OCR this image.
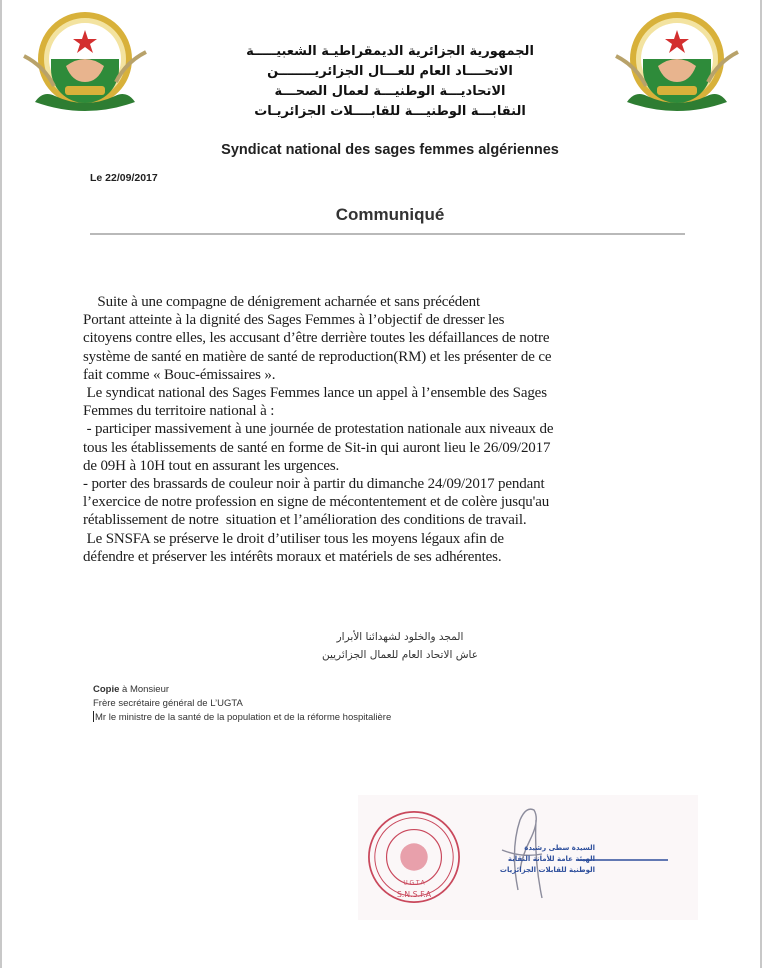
الجمهورية الجزائرية الديمقراطيـة الشعبيـــــة
الاتحــــاد العام للعـــال الجزائريــــــــن
الاتحاديـــة الوطنيـــة لعمال الصحـــة
النقابـــة الوطنيـــة للقابــــلات الجزائريـات
Syndicat national des sages femmes algériennes
Le 22/09/2017
Communiqué

Suite à une compagne de dénigrement acharnée et sans précédent

Portant atteinte à la dignité des Sages Femmes à l’objectif de dresser les

citoyens contre elles, les accusant d’être derrière toutes les défaillances de notre

système de santé en matière de santé de reproduction(RM) et les présenter de ce

fait comme « Bouc-émissaires ».

Le syndicat national des Sages Femmes lance un appel à l’ensemble des Sages

Femmes du territoire national à :

- participer massivement à une journée de protestation nationale aux niveaux de

tous les établissements de santé en forme de Sit-in qui auront lieu le 26/09/2017

de 09H à 10H tout en assurant les urgences.

- porter des brassards de couleur noir à partir du dimanche 24/09/2017 pendant

l’exercice de notre profession en signe de mécontentement et de colère jusqu'au

rétablissement de notre  situation et l’amélioration des conditions de travail.

Le SNSFA se préserve le droit d’utiliser tous les moyens légaux afin de

défendre et préserver les intérêts moraux et matériels de ses adhérentes.

المجد والخلود لشهدائنا الأبرار
عاش الاتحاد العام للعمال الجزائريين
Copie à Monsieur
Frère secrétaire général de L’UGTA
Mr le ministre de la santé de la population et de la réforme hospitalière
S.N.S.F.A
U.G.T.A
السيدة سطى رشيدة
الهيئة عامة للأمانة النقابة
الوطنية للقابلات الجزائريات
